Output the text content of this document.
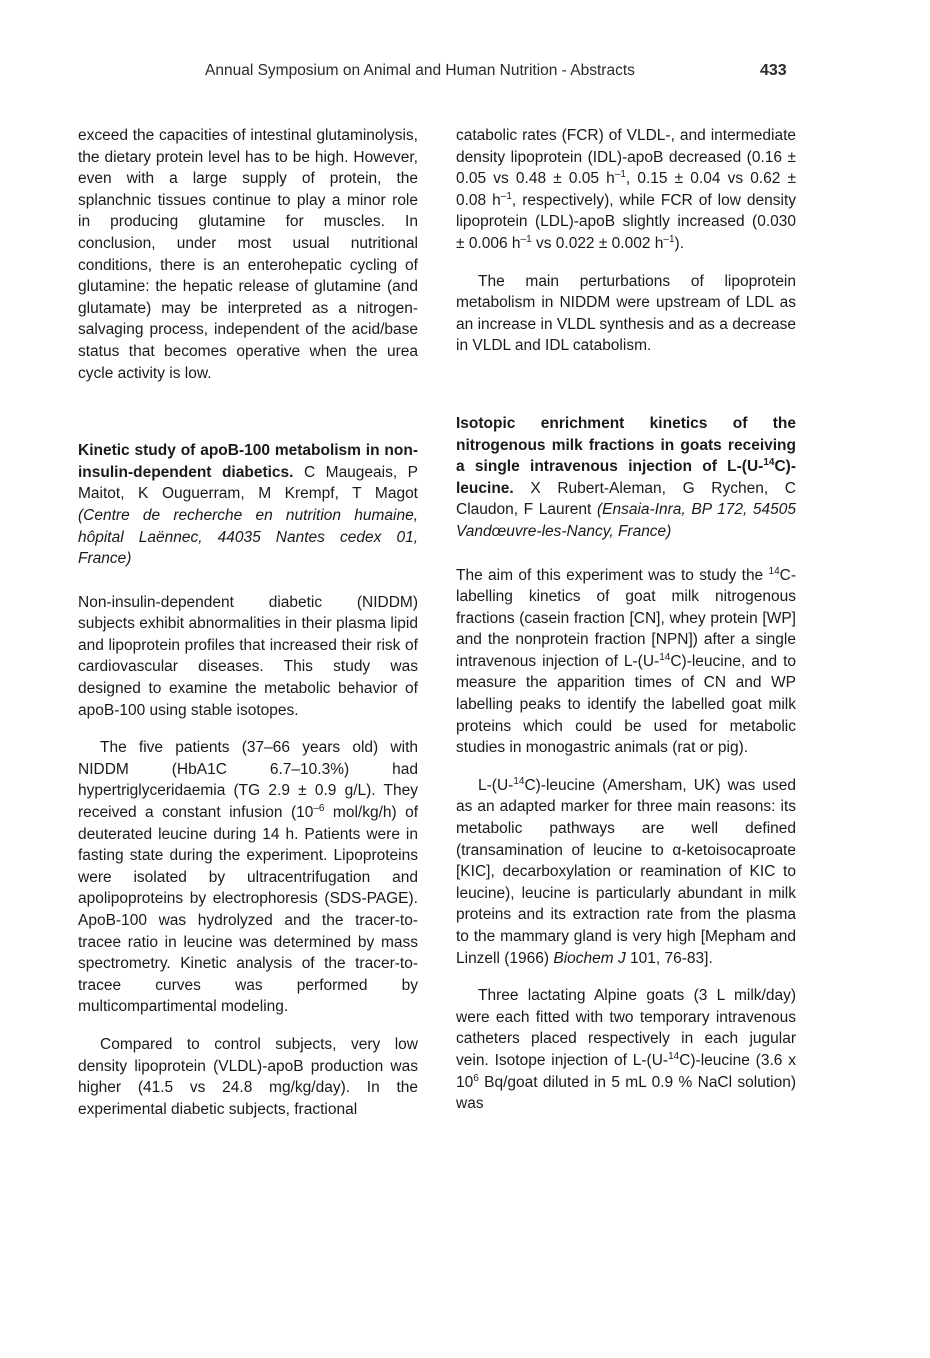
Annual Symposium on Animal and Human Nutrition - Abstracts	433

exceed the capacities of intestinal glutaminolysis, the dietary protein level has to be high. However, even with a large supply of protein, the splanchnic tissues continue to play a minor role in producing glutamine for muscles. In conclusion, under most usual nutritional conditions, there is an enterohepatic cycling of glutamine: the hepatic release of glutamine (and glutamate) may be interpreted as a nitrogen-salvaging process, independent of the acid/base status that becomes operative when the urea cycle activity is low.

Kinetic study of apoB-100 metabolism in non-insulin-dependent diabetics. C Maugeais, P Maitot, K Ouguerram, M Krempf, T Magot (Centre de recherche en nutrition humaine, hôpital Laënnec, 44035 Nantes cedex 01, France)

Non-insulin-dependent diabetic (NIDDM) subjects exhibit abnormalities in their plasma lipid and lipoprotein profiles that increased their risk of cardiovascular diseases. This study was designed to examine the metabolic behavior of apoB-100 using stable isotopes.

The five patients (37–66 years old) with NIDDM (HbA1C 6.7–10.3%) had hypertriglyceridaemia (TG 2.9 ± 0.9 g/L). They received a constant infusion ($10^{-6}$ mol/kg/h) of deuterated leucine during 14 h. Patients were in fasting state during the experiment. Lipoproteins were isolated by ultracentrifugation and apolipoproteins by electrophoresis (SDS-PAGE). ApoB-100 was hydrolyzed and the tracer-to-tracee ratio in leucine was determined by mass spectrometry. Kinetic analysis of the tracer-to-tracee curves was performed by multicompartimental modeling.

Compared to control subjects, very low density lipoprotein (VLDL)-apoB production was higher (41.5 vs 24.8 mg/kg/day). In the experimental diabetic subjects, fractional

catabolic rates (FCR) of VLDL-, and intermediate density lipoprotein (IDL)-apoB decreased (0.16 ± 0.05 vs 0.48 ± 0.05 $h^{-1}$, 0.15 ± 0.04 vs 0.62 ± 0.08 $h^{-1}$, respectively), while FCR of low density lipoprotein (LDL)-apoB slightly increased (0.030 ± 0.006 $h^{-1}$ vs 0.022 ± 0.002 $h^{-1}$).

The main perturbations of lipoprotein metabolism in NIDDM were upstream of LDL as an increase in VLDL synthesis and as a decrease in VLDL and IDL catabolism.

Isotopic enrichment kinetics of the nitrogenous milk fractions in goats receiving a single intravenous injection of L-(U-$^{14}$C)-leucine. X Rubert-Aleman, G Rychen, C Claudon, F Laurent (Ensaia-Inra, BP 172, 54505 Vandœuvre-les-Nancy, France)

The aim of this experiment was to study the $^{14}$C-labelling kinetics of goat milk nitrogenous fractions (casein fraction [CN], whey protein [WP] and the nonprotein fraction [NPN]) after a single intravenous injection of L-(U-$^{14}$C)-leucine, and to measure the apparition times of CN and WP labelling peaks to identify the labelled goat milk proteins which could be used for metabolic studies in monogastric animals (rat or pig).

L-(U-$^{14}$C)-leucine (Amersham, UK) was used as an adapted marker for three main reasons: its metabolic pathways are well defined (transamination of leucine to α-ketoisocaproate [KIC], decarboxylation or reamination of KIC to leucine), leucine is particularly abundant in milk proteins and its extraction rate from the plasma to the mammary gland is very high [Mepham and Linzell (1966) Biochem J 101, 76-83].

Three lactating Alpine goats (3 L milk/day) were each fitted with two temporary intravenous catheters placed respectively in each jugular vein. Isotope injection of L-(U-$^{14}$C)-leucine (3.6 x $10^6$ Bq/goat diluted in 5 mL 0.9 % NaCl solution) was
